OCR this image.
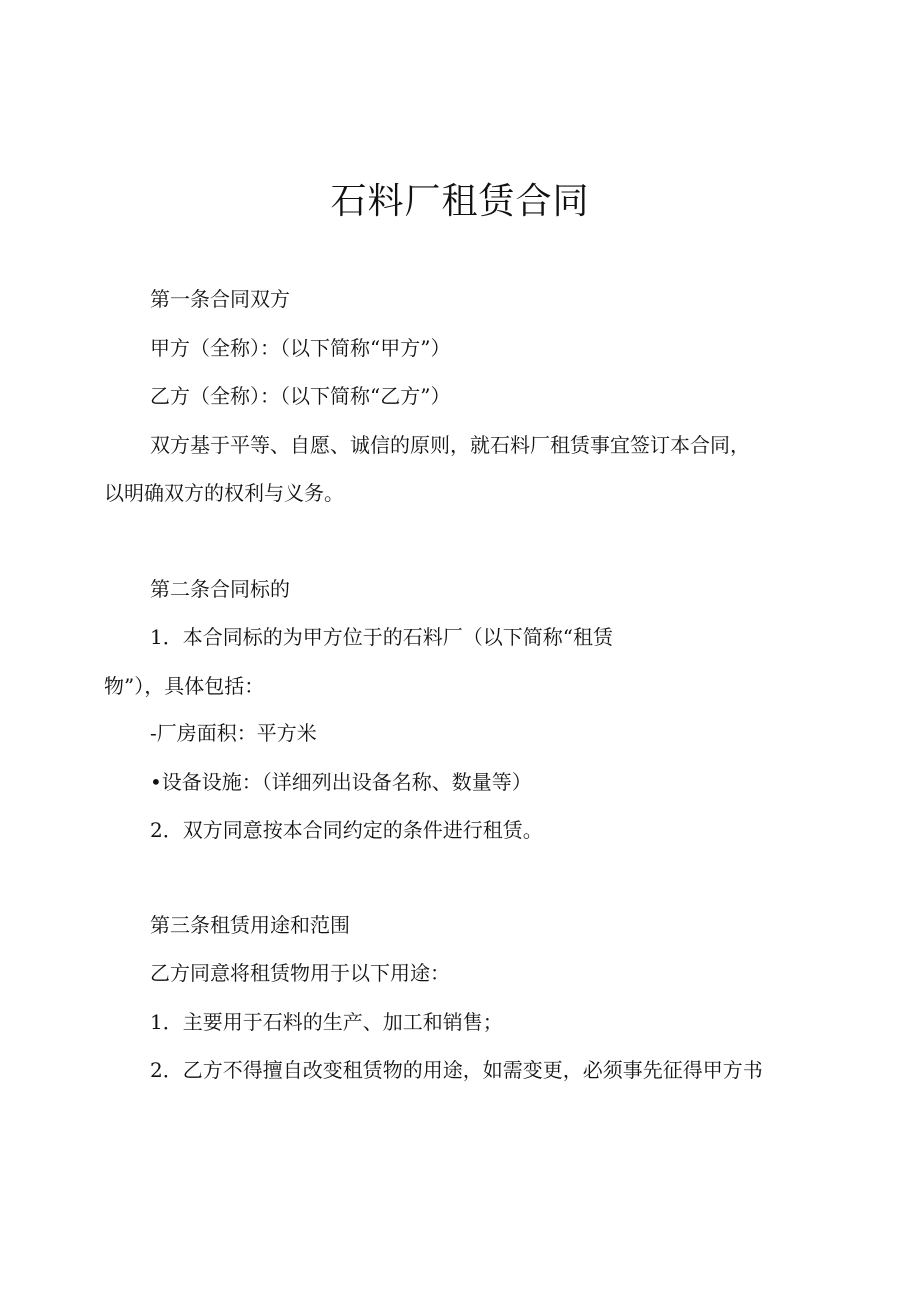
石料厂租赁合同

第一条合同双方

甲方（全称）：（以下简称“甲方”）

乙方（全称）：（以下简称“乙方”）

双方基于平等、自愿、诚信的原则，就石料厂租赁事宜签订本合同，

以明确双方的权利与义务。

第二条合同标的

1．本合同标的为甲方位于的石料厂（以下简称“租赁

物”），具体包括：

-厂房面积：平方米

•设备设施：（详细列出设备名称、数量等）

2．双方同意按本合同约定的条件进行租赁。

第三条租赁用途和范围

乙方同意将租赁物用于以下用途：

1．主要用于石料的生产、加工和销售；

2．乙方不得擅自改变租赁物的用途，如需变更，必须事先征得甲方书
